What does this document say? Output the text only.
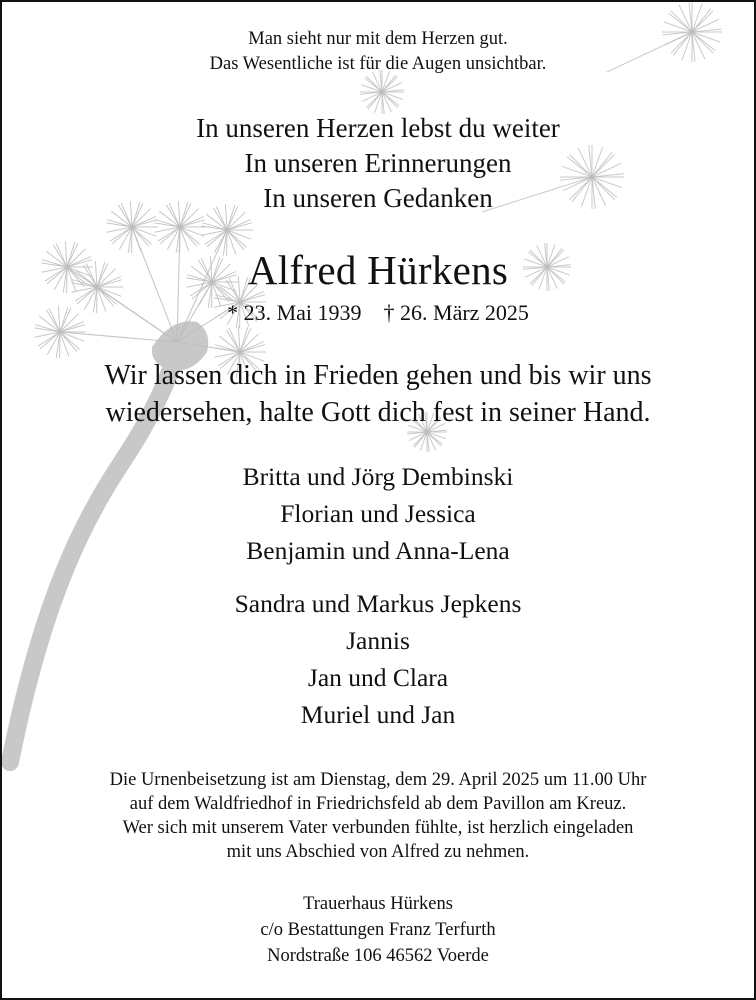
Man sieht nur mit dem Herzen gut.
Das Wesentliche ist für die Augen unsichtbar.
In unseren Herzen lebst du weiter
In unseren Erinnerungen
In unseren Gedanken
Alfred Hürkens
* 23. Mai 1939 † 26. März 2025
Wir lassen dich in Frieden gehen und bis wir uns
wiedersehen, halte Gott dich fest in seiner Hand.
Britta und Jörg Dembinski
Florian und Jessica
Benjamin und Anna-Lena
Sandra und Markus Jepkens
Jannis
Jan und Clara
Muriel und Jan
Die Urnenbeisetzung ist am Dienstag, dem 29. April 2025 um 11.00 Uhr
auf dem Waldfriedhof in Friedrichsfeld ab dem Pavillon am Kreuz.
Wer sich mit unserem Vater verbunden fühlte, ist herzlich eingeladen
mit uns Abschied von Alfred zu nehmen.
Trauerhaus Hürkens
c/o Bestattungen Franz Terfurth
Nordstraße 106 46562 Voerde
